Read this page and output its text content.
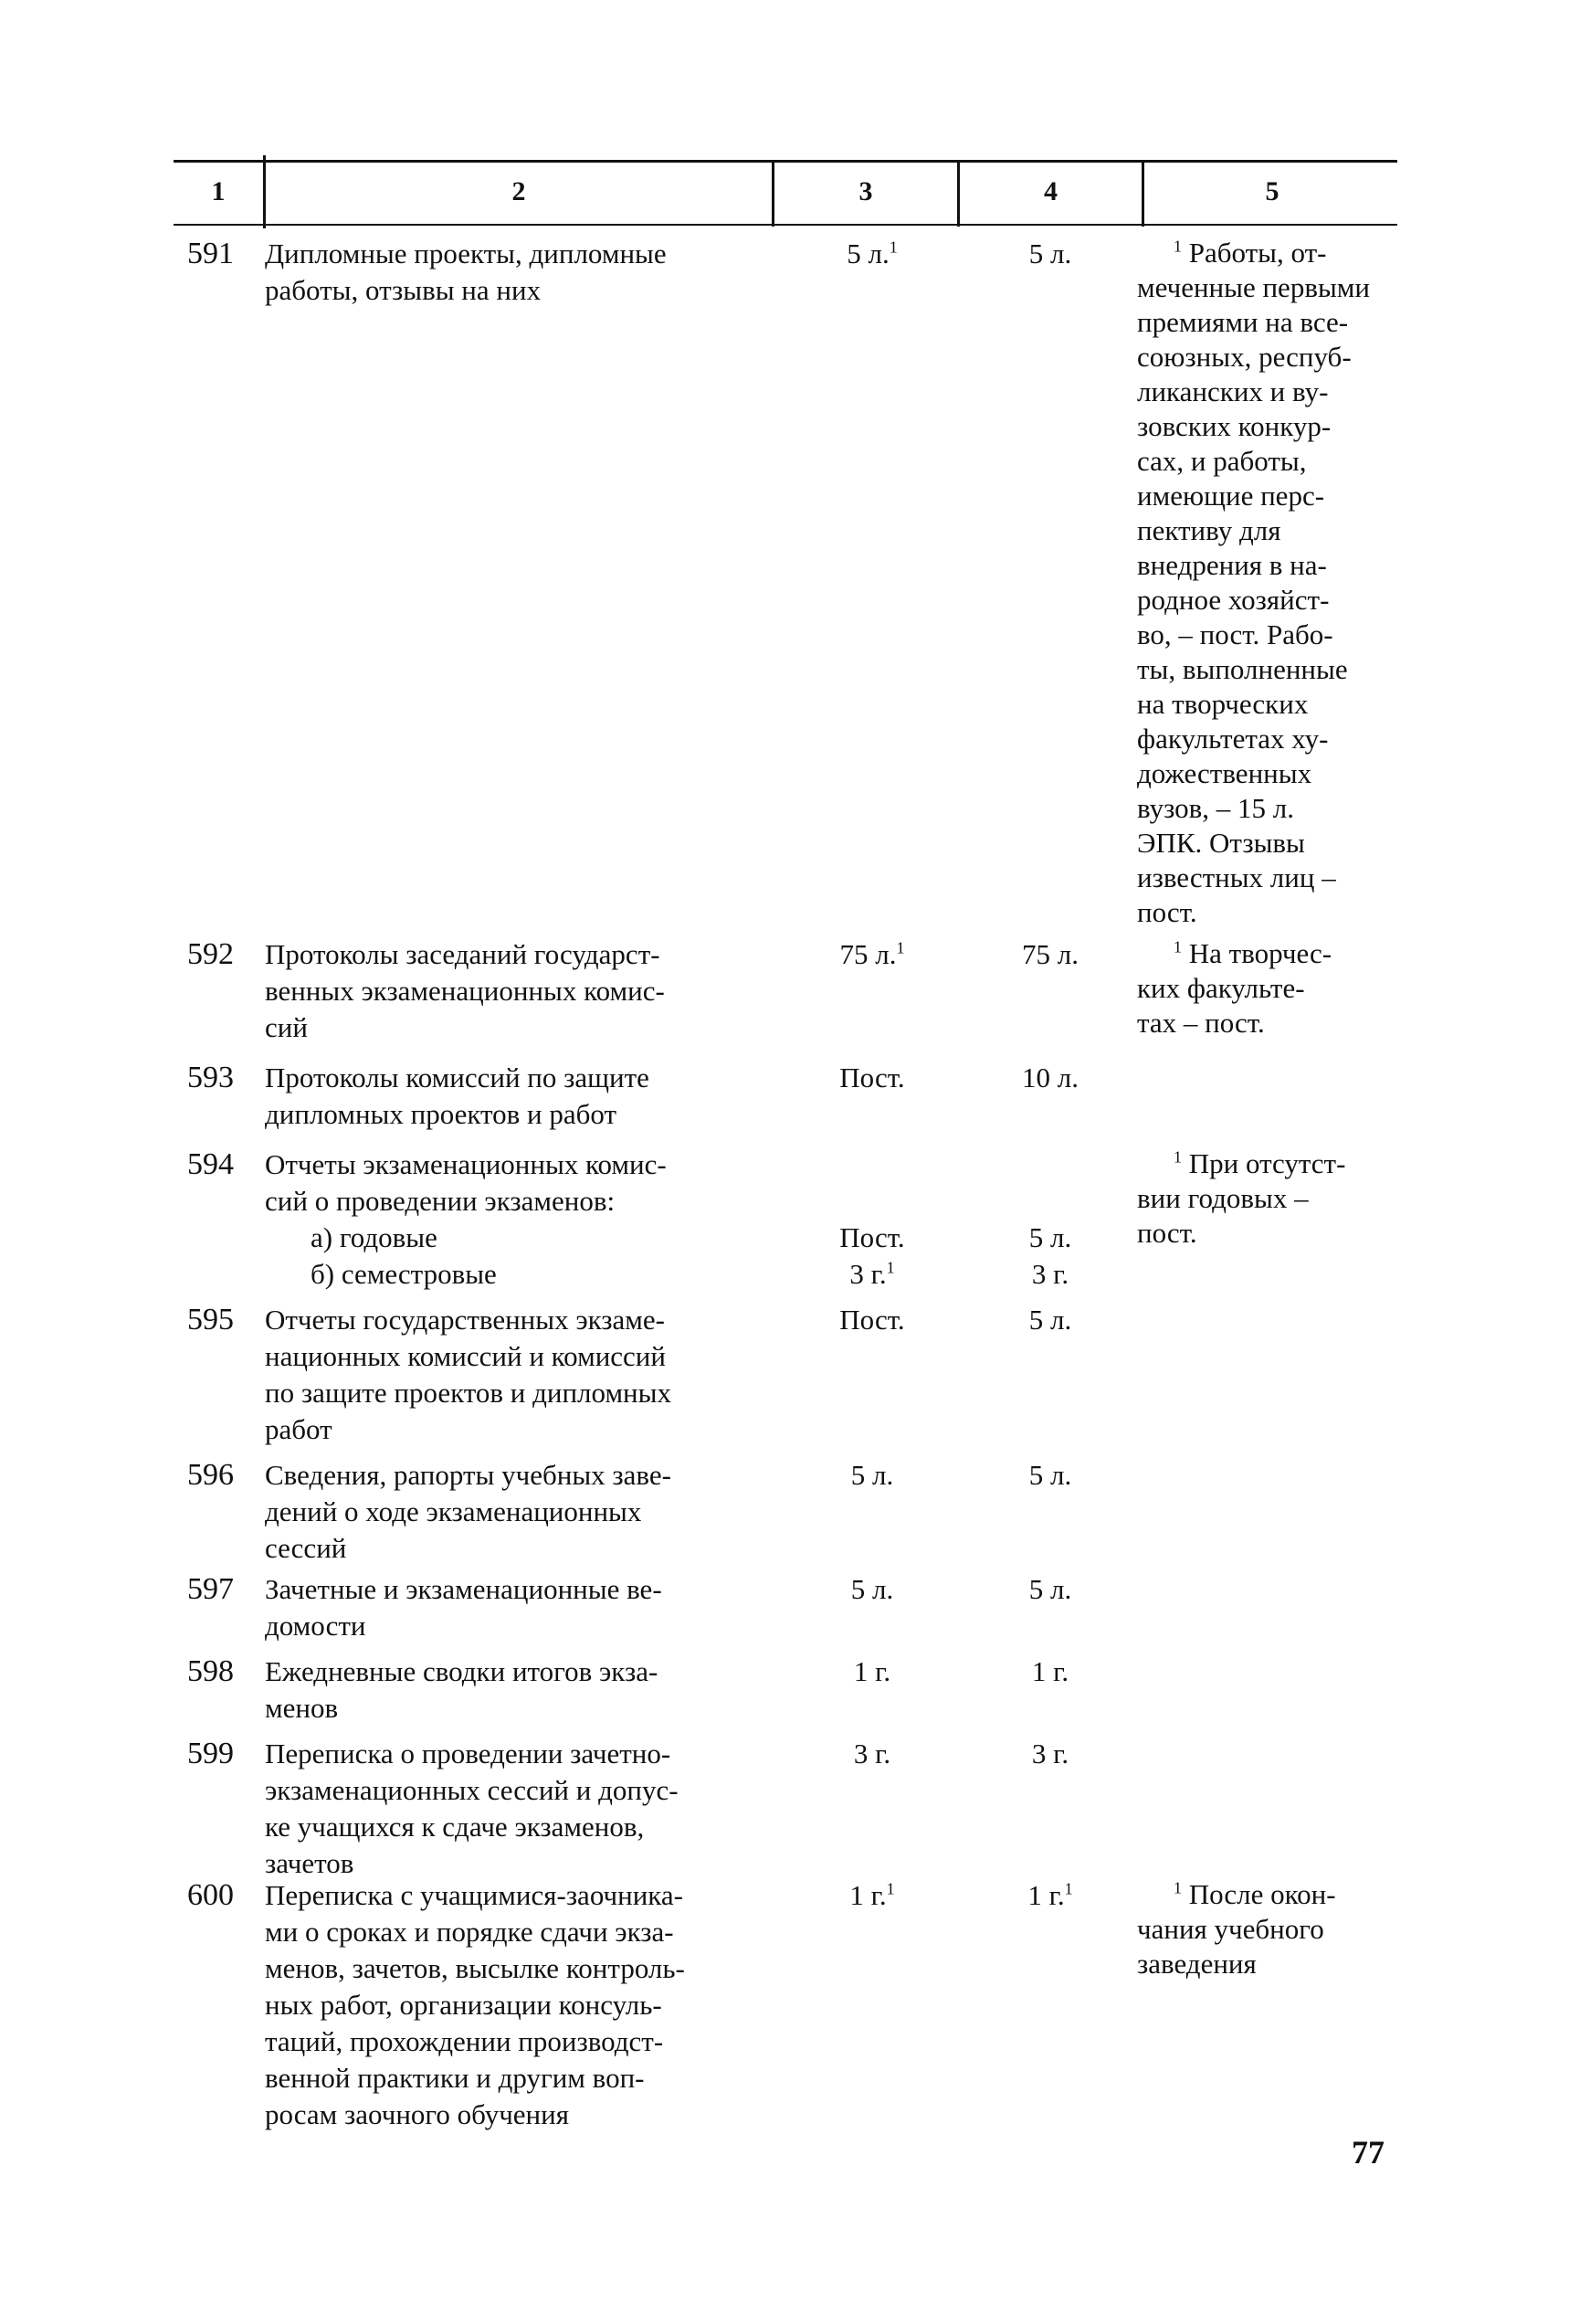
1	2	3	4	5
591	Дипломные проекты, дипломные
работы, отзывы на них
5 л.$^1$	5 л.	$^1$ Работы, от-
меченные первыми
премиями на все-
союзных, респуб-
ликанских и ву-
зовских конкур-
сах, и работы,
имеющие перс-
пективу для
внедрения в на-
родное хозяйст-
во, – пост. Рабо-
ты, выполненные
на творческих
факультетах ху-
дожественных
вузов, – 15 л.
ЭПК. Отзывы
известных лиц –
пост.
592	Протоколы заседаний государст-
венных экзаменационных комис-
сий
75 л.$^1$	75 л.	$^1$ На творчес-
ких факульте-
тах – пост.
593	Протоколы комиссий по защите
дипломных проектов и работ
Пост.	10 л.
594	Отчеты экзаменационных комис-
сий о проведении экзаменов:
а) годовые
б) семестровые
Пост.	5 л.
3 г.$^1$	3 г.
$^1$ При отсутст-
вии годовых –
пост.
595	Отчеты государственных экзаме-
национных комиссий и комиссий
по защите проектов и дипломных
работ
Пост.	5 л.
596	Сведения, рапорты учебных заве-
дений о ходе экзаменационных
сессий
5 л.	5 л.
597	Зачетные и экзаменационные ве-
домости
5 л.	5 л.
598	Ежедневные сводки итогов экза-
менов
1 г.	1 г.
599	Переписка о проведении зачетно-
экзаменационных сессий и допус-
ке учащихся к сдаче экзаменов,
зачетов
3 г.	3 г.
600	Переписка с учащимися-заочника-
ми о сроках и порядке сдачи экза-
менов, зачетов, высылке контроль-
ных работ, организации консуль-
таций, прохождении производст-
венной практики и другим воп-
росам заочного обучения
1 г.$^1$	1 г.$^1$	$^1$ После окон-
чания учебного
заведения
77
